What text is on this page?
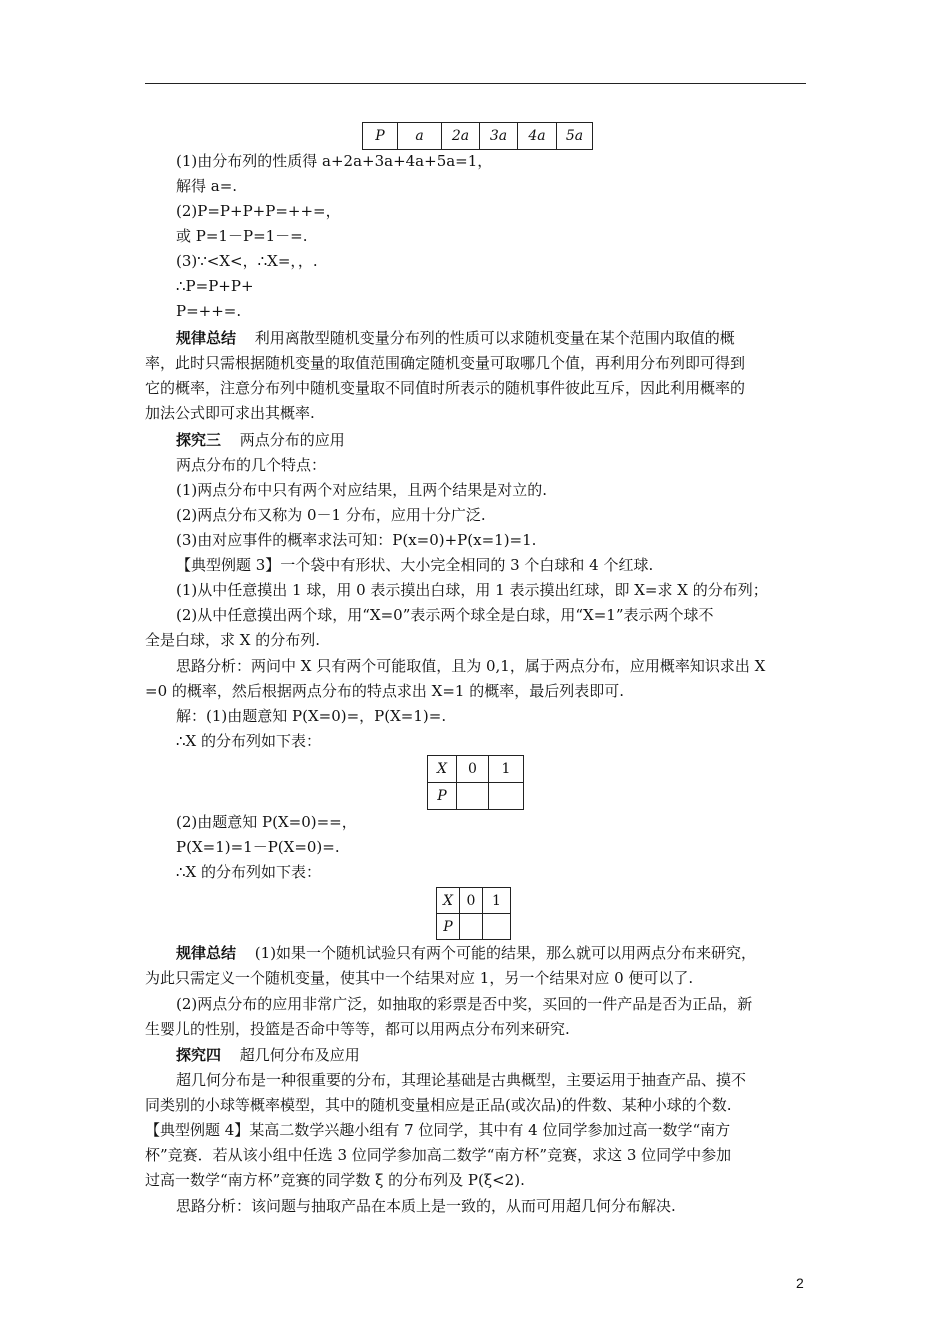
P	a	2a	3a	4a	5a
(1)由分布列的性质得 a+2a+3a+4a+5a=1，
解得 a=.
(2)P=P+P+P=++=，
或 P=1－P=1－=.
(3)∵<X<，∴X=，，.
∴P=P+P+
P=++=.
规律总结 利用离散型随机变量分布列的性质可以求随机变量在某个范围内取值的概
率，此时只需根据随机变量的取值范围确定随机变量可取哪几个值，再利用分布列即可得到
它的概率，注意分布列中随机变量取不同值时所表示的随机事件彼此互斥，因此利用概率的
加法公式即可求出其概率.
探究三 两点分布的应用
两点分布的几个特点：
(1)两点分布中只有两个对应结果，且两个结果是对立的.
(2)两点分布又称为 0－1 分布，应用十分广泛.
(3)由对应事件的概率求法可知：P(x=0)+P(x=1)=1.
【典型例题 3】一个袋中有形状、大小完全相同的 3 个白球和 4 个红球.
(1)从中任意摸出 1 球，用 0 表示摸出白球，用 1 表示摸出红球，即 X=求 X 的分布列；
(2)从中任意摸出两个球，用“X=0”表示两个球全是白球，用“X=1”表示两个球不
全是白球，求 X 的分布列.
思路分析：两问中 X 只有两个可能取值，且为 0,1，属于两点分布，应用概率知识求出 X
=0 的概率，然后根据两点分布的特点求出 X=1 的概率，最后列表即可.
解：(1)由题意知 P(X=0)=，P(X=1)=.
∴X 的分布列如下表：
X	0	1
P		
(2)由题意知 P(X=0)==，
P(X=1)=1－P(X=0)=.
∴X 的分布列如下表：
X	0	1
P		
规律总结 (1)如果一个随机试验只有两个可能的结果，那么就可以用两点分布来研究，
为此只需定义一个随机变量，使其中一个结果对应 1，另一个结果对应 0 便可以了.
(2)两点分布的应用非常广泛，如抽取的彩票是否中奖，买回的一件产品是否为正品，新
生婴儿的性别，投篮是否命中等等，都可以用两点分布列来研究.
探究四 超几何分布及应用
超几何分布是一种很重要的分布，其理论基础是古典概型，主要运用于抽查产品、摸不
同类别的小球等概率模型，其中的随机变量相应是正品(或次品)的件数、某种小球的个数.
【典型例题 4】某高二数学兴趣小组有 7 位同学，其中有 4 位同学参加过高一数学“南方
杯”竞赛．若从该小组中任选 3 位同学参加高二数学“南方杯”竞赛，求这 3 位同学中参加
过高一数学“南方杯”竞赛的同学数 ξ 的分布列及 P(ξ<2).
思路分析：该问题与抽取产品在本质上是一致的，从而可用超几何分布解决.
2
